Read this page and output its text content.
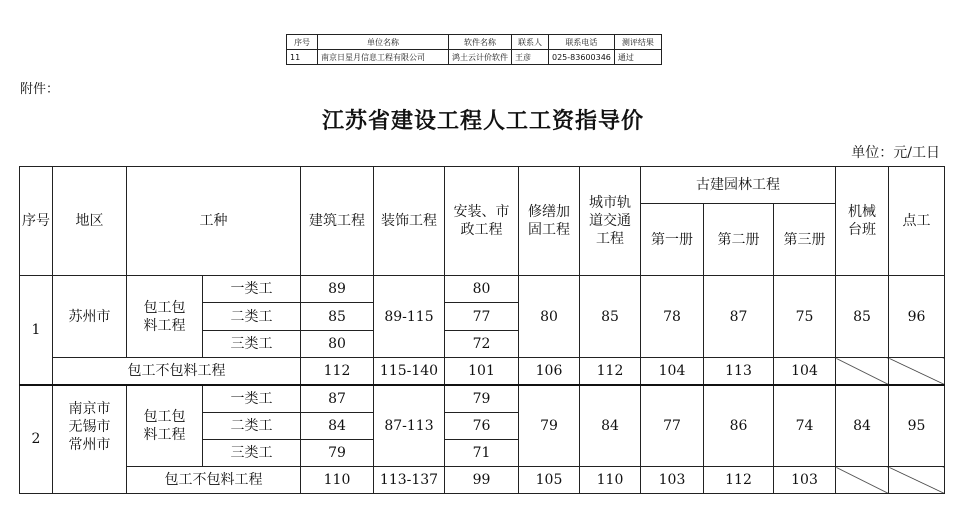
序号	单位名称	软件名称	联系人	联系电话	测评结果
11	南京日星月信息工程有限公司	鸿土云计价软件	王彦	025-83600346	通过
附件：
江苏省建设工程人工工资指导价
单位：元/工日
序号	地区	工种		建筑工程	装饰工程	安装、市政工程	修缮加固工程	城市轨道交通工程	古建园林工程			机械台班	点工
									第一册	第二册	第三册		
1	苏州市	包工包料工程	一类工	89	89-115	80	80	85	78	87	75	85	96
			二类工	85		77							
			三类工	80		72							
	包工不包料工程			112	115-140	101	106	112	104	113	104		
2	南京市无锡市常州市	包工包料工程	一类工	87	87-113	79	79	84	77	86	74	84	95
			二类工	84		76							
			三类工	79		71							
		包工不包料工程		110	113-137	99	105	110	103	112	103		
